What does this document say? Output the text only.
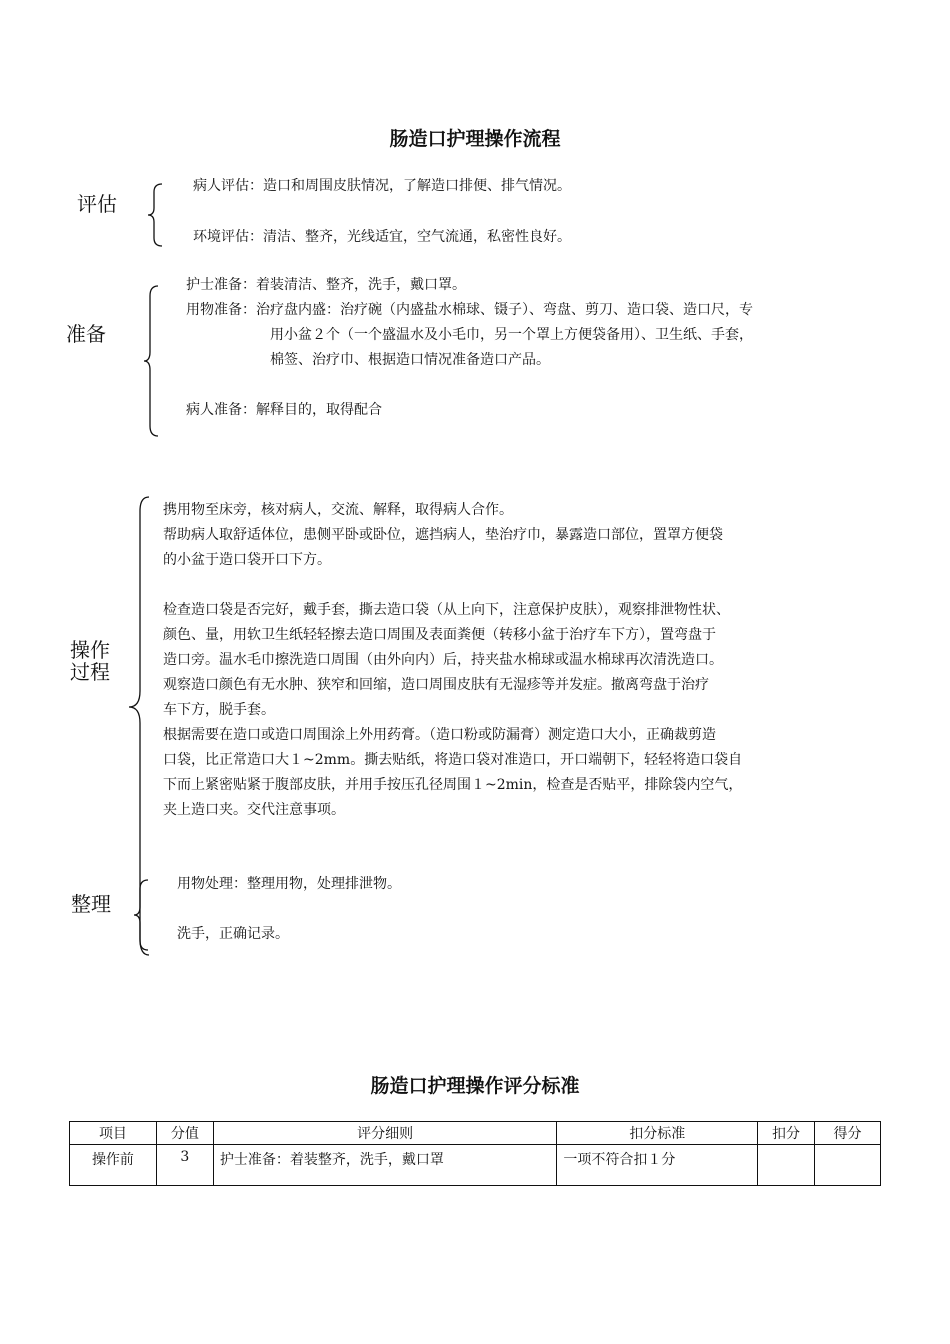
肠造口护理操作流程
评估
病人评估：造口和周围皮肤情况，了解造口排便、排气情况。
环境评估：清洁、整齐，光线适宜，空气流通，私密性良好。
准备
护士准备：着装清洁、整齐，洗手，戴口罩。
用物准备：治疗盘内盛：治疗碗（内盛盐水棉球、镊子）、弯盘、剪刀、造口袋、造口尺，专
用小盆２个（一个盛温水及小毛巾，另一个罩上方便袋备用）、卫生纸、手套，
棉签、治疗巾、根据造口情况准备造口产品。
病人准备：解释目的，取得配合
操作
过程
携用物至床旁，核对病人，交流、解释，取得病人合作。
帮助病人取舒适体位，患侧平卧或卧位，遮挡病人，垫治疗巾，暴露造口部位，置罩方便袋
的小盆于造口袋开口下方。
检查造口袋是否完好，戴手套，撕去造口袋（从上向下，注意保护皮肤），观察排泄物性状、
颜色、量，用软卫生纸轻轻擦去造口周围及表面粪便（转移小盆于治疗车下方），置弯盘于
造口旁。温水毛巾擦洗造口周围（由外向内）后，持夹盐水棉球或温水棉球再次清洗造口。
观察造口颜色有无水肿、狭窄和回缩，造口周围皮肤有无湿疹等并发症。撤离弯盘于治疗
车下方，脱手套。
根据需要在造口或造口周围涂上外用药膏。（造口粉或防漏膏）测定造口大小，正确裁剪造
口袋，比正常造口大１~2mm。撕去贴纸，将造口袋对准造口，开口端朝下，轻轻将造口袋自
下而上紧密贴紧于腹部皮肤，并用手按压孔径周围１~2min，检查是否贴平，排除袋内空气，
夹上造口夹。交代注意事项。
整理
用物处理：整理用物，处理排泄物。
洗手，正确记录。
肠造口护理操作评分标准
项目	分值	评分细则	扣分标准	扣分	得分
操作前	3	护士准备：着装整齐，洗手，戴口罩	一项不符合扣１分		
